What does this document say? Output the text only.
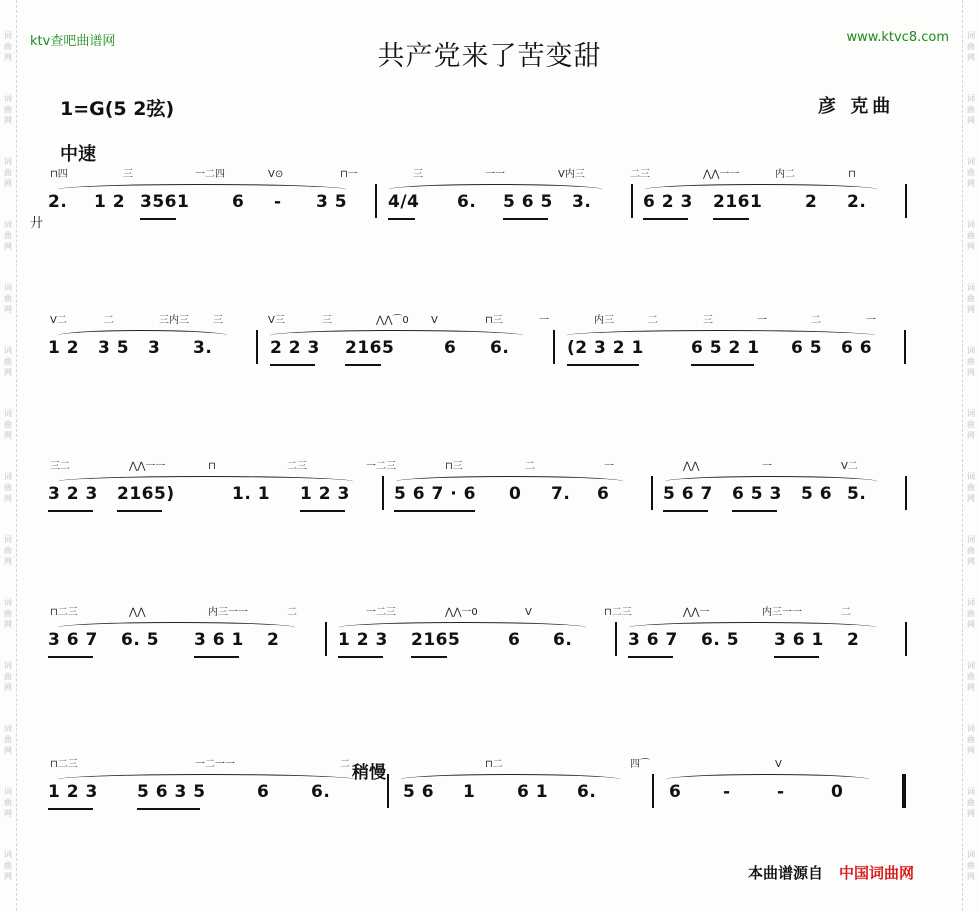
词
曲
网
词
曲
网
词
曲
网
词
曲
网
词
曲
网
词
曲
网
词
曲
网
词
曲
网
词
曲
网
词
曲
网
词
曲
网
词
曲
网
词
曲
网
词
曲
网
词
曲
网
词
曲
网
词
曲
网
词
曲
网
词
曲
网
词
曲
网
词
曲
网
词
曲
网
词
曲
网
词
曲
网
词
曲
网
词
曲
网
词
曲
网
词
曲
网
ktv查吧曲谱网	www.ktvc8.com
共产党来了苦变甜
1=G(5 2弦)	彦 克曲
中速
廾
⊓四	三	一二四	V⊙	⊓一	三	一一	V内三	二三	⋀⋀一一	内二	⊓
2. 1 2 3561	6 - 3 5 4/4 6. 5 6 5 3.	6 2 3 2161	2 2.
V二	二	三内三 三	V三	三	⋀⋀⌒0 V	⊓三	一	内三	二	三	一	二	一
1 2 3 5 3 3.	2 2 3 2165	6 6.	(2 3 2 1	6 5 2 1 6 5 6 6
三二	⋀⋀一一	⊓	二三	一二三	⊓三	二	一	⋀⋀	一	V二
3 2 3 2165)	1. 1 1 2 3	5 6 7 · 6 0 7. 6	5 6 7 6 5 3 5 6 5.
⊓二三	⋀⋀	内三一一	二	一二三	⋀⋀一0	V	⊓二三	⋀⋀一	内三一一	二
3 6 7 6. 5 3 6 1 2	1 2 3 2165	6 6.	3 6 7 6. 5 3 6 1 2
⊓二三	一二一一	二	⊓二	四⌒	V
1 2 3 5 6 3 5	6 6.	5 6 1 6 1 6.	6 -	-	0
稍慢
本曲谱源自 中国词曲网
